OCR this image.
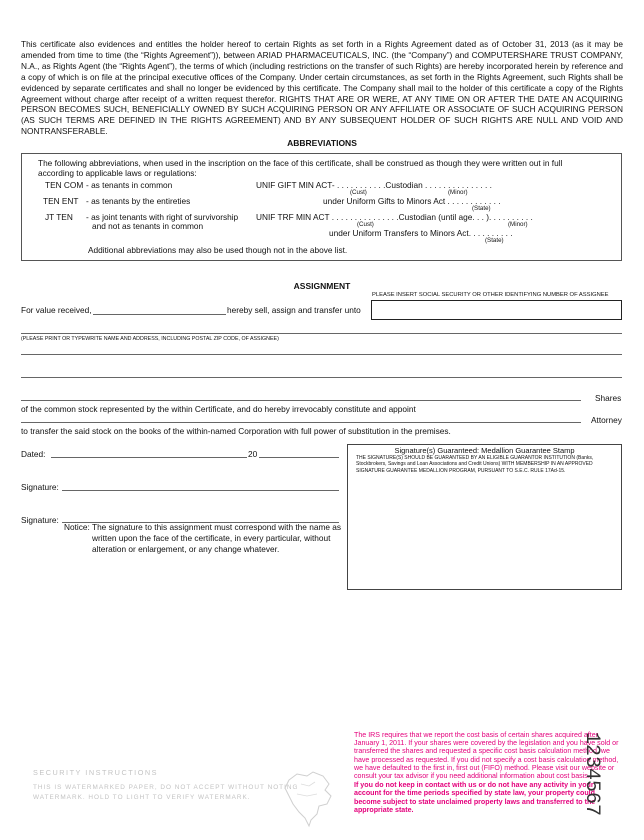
This certificate also evidences and entitles the holder hereof to certain Rights as set forth in a Rights Agreement dated as of October 31, 2013 (as it may be amended from time to time (the “Rights Agreement”)), between ARIAD PHARMACEUTICALS, INC. (the “Company”) and COMPUTERSHARE TRUST COMPANY, N.A., as Rights Agent (the “Rights Agent”), the terms of which (including restrictions on the transfer of such Rights) are hereby incorporated herein by reference and a copy of which is on file at the principal executive offices of the Company. Under certain circumstances, as set forth in the Rights Agreement, such Rights shall be evidenced by separate certificates and shall no longer be evidenced by this certificate. The Company shall mail to the holder of this certificate a copy of the Rights Agreement without charge after receipt of a written request therefor. RIGHTS THAT ARE OR WERE, AT ANY TIME ON OR AFTER THE DATE AN ACQUIRING PERSON BECOMES SUCH, BENEFICIALLY OWNED BY SUCH ACQUIRING PERSON OR ANY AFFILIATE OR ASSOCIATE OF SUCH ACQUIRING PERSON (AS SUCH TERMS ARE DEFINED IN THE RIGHTS AGREEMENT) AND BY ANY SUBSEQUENT HOLDER OF SUCH RIGHTS ARE NULL AND VOID AND NONTRANSFERABLE.
ABBREVIATIONS
The following abbreviations, when used in the inscription on the face of this certificate, shall be construed as though they were written out in full according to applicable laws or regulations:
TEN COM - as tenants in common
TEN ENT - as tenants by the entireties
JT TEN - as joint tenants with right of survivorship
and not as tenants in common
UNIF GIFT MIN ACT- . . . . . . . . . . .Custodian . . . . . . . . . . . . . . .
(Cust)	(Minor)
under Uniform Gifts to Minors Act . . . . . . . . . . . .
(State)
UNIF TRF MIN ACT . . . . . . . . . . . . . . .Custodian (until age. . . ). . . . . . . . . .
(Cust)	(Minor)
under Uniform Transfers to Minors Act. . . . . . . . . .
(State)
Additional abbreviations may also be used though not in the above list.
ASSIGNMENT
PLEASE INSERT SOCIAL SECURITY OR OTHER IDENTIFYING NUMBER OF ASSIGNEE
For value received,	hereby sell, assign and transfer unto
(PLEASE PRINT OR TYPEWRITE NAME AND ADDRESS, INCLUDING POSTAL ZIP CODE, OF ASSIGNEE)
Shares
of the common stock represented by the within Certificate, and do hereby irrevocably constitute and appoint
Attorney
to transfer the said stock on the books of the within-named Corporation with full power of substitution in the premises.
Dated:	20
Signature:
Signature:
Notice: The signature to this assignment must correspond with the name as written upon the face of the certificate, in every particular, without alteration or enlargement, or any change whatever.
Signature(s) Guaranteed: Medallion Guarantee Stamp
THE SIGNATURE(S) SHOULD BE GUARANTEED BY AN ELIGIBLE GUARANTOR INSTITUTION (Banks, Stockbrokers, Savings and Loan Associations and Credit Unions) WITH MEMBERSHIP IN AN APPROVED SIGNATURE GUARANTEE MEDALLION PROGRAM, PURSUANT TO S.E.C. RULE 17Ad-15.
SECURITY INSTRUCTIONS
THIS IS WATERMARKED PAPER, DO NOT ACCEPT WITHOUT NOTING
WATERMARK. HOLD TO LIGHT TO VERIFY WATERMARK.
The IRS requires that we report the cost basis of certain shares acquired after January 1, 2011. If your shares were covered by the legislation and you have sold or transferred the shares and requested a specific cost basis calculation method, we have processed as requested. If you did not specify a cost basis calculation method, we have defaulted to the first in, first out (FIFO) method. Please visit our website or consult your tax advisor if you need additional information about cost basis.
If you do not keep in contact with us or do not have any activity in your account for the time periods specified by state law, your property could become subject to state unclaimed property laws and transferred to the appropriate state.	1234567
